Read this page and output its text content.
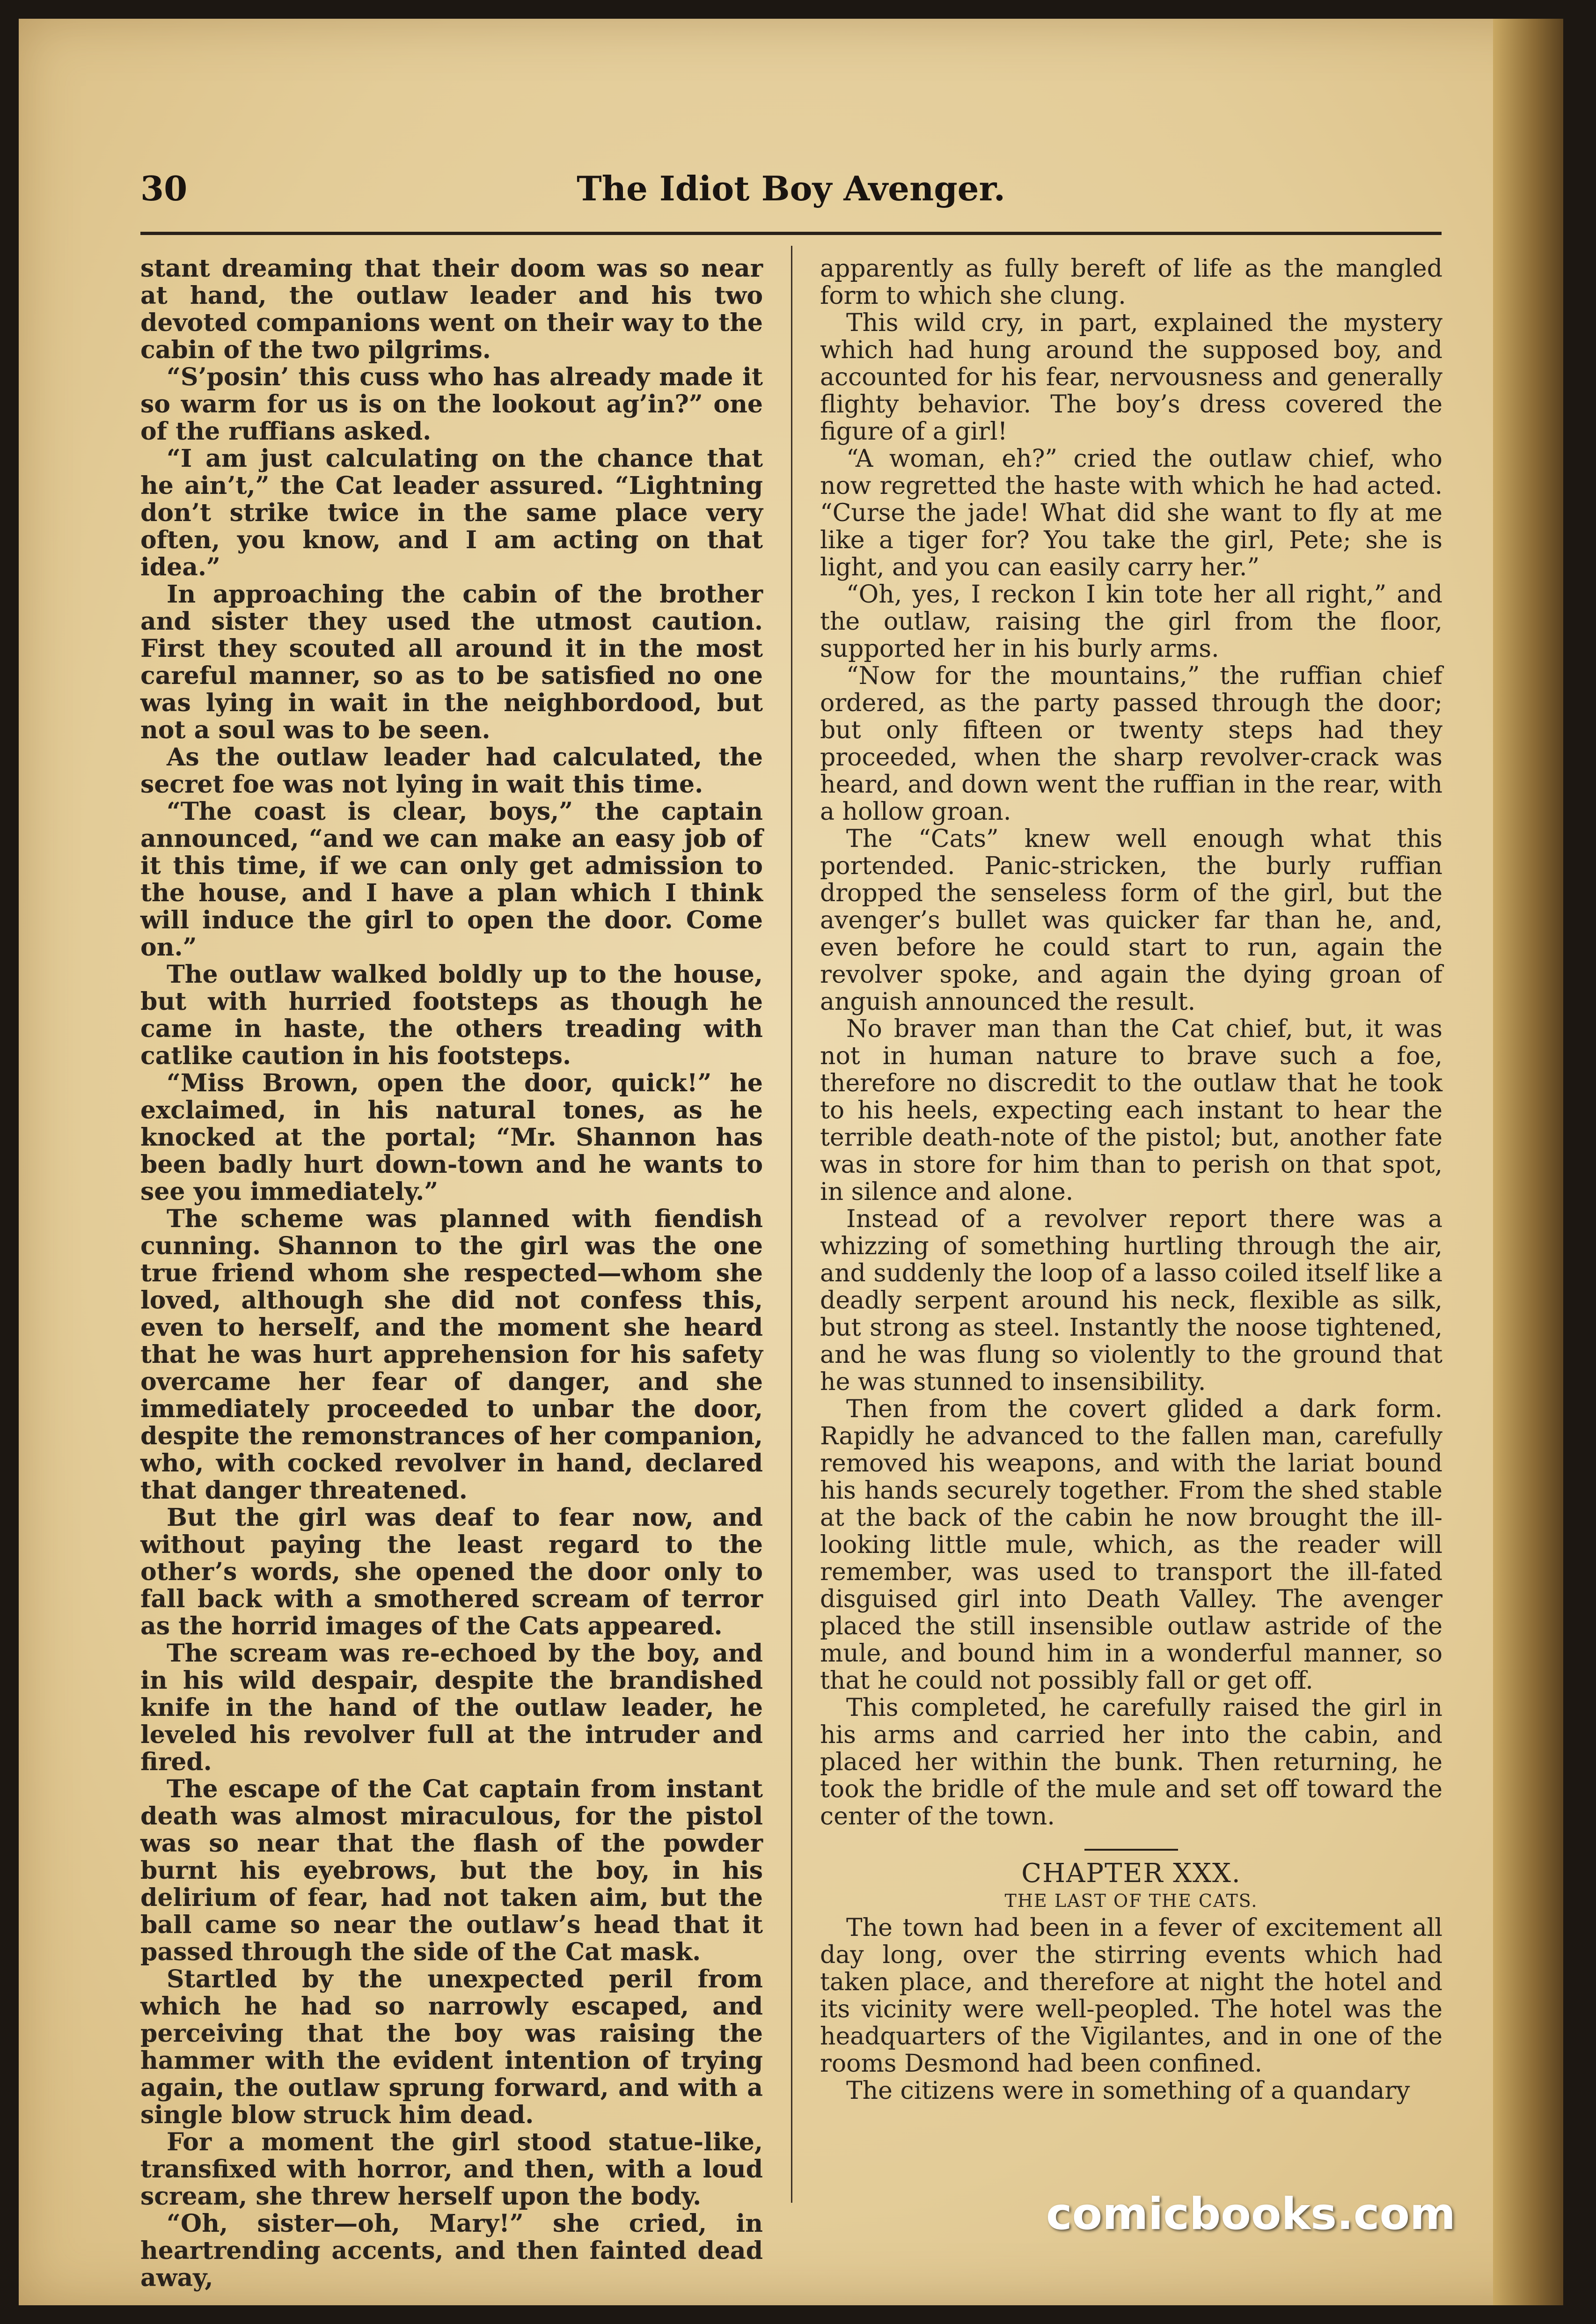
30	The Idiot Boy Avenger.

stant dreaming that their doom was so near at hand, the outlaw leader and his two devoted companions went on their way to the cabin of the two pilgrims.

“S’posin’ this cuss who has already made it so warm for us is on the lookout ag’in?” one of the ruffians asked.

“I am just calculating on the chance that he ain’t,” the Cat leader assured. “Lightning don’t strike twice in the same place very often, you know, and I am acting on that idea.”

In approaching the cabin of the brother and sister they used the utmost caution. First they scouted all around it in the most careful manner, so as to be satisfied no one was lying in wait in the neighbordood, but not a soul was to be seen.

As the outlaw leader had calculated, the secret foe was not lying in wait this time.

“The coast is clear, boys,” the captain announced, “and we can make an easy job of it this time, if we can only get admission to the house, and I have a plan which I think will induce the girl to open the door. Come on.”

The outlaw walked boldly up to the house, but with hurried footsteps as though he came in haste, the others treading with catlike caution in his footsteps.

“Miss Brown, open the door, quick!” he exclaimed, in his natural tones, as he knocked at the portal; “Mr. Shannon has been badly hurt down-town and he wants to see you immediately.”

The scheme was planned with fiendish cunning. Shannon to the girl was the one true friend whom she respected—whom she loved, although she did not confess this, even to herself, and the moment she heard that he was hurt apprehension for his safety overcame her fear of danger, and she immediately proceeded to unbar the door, despite the remonstrances of her companion, who, with cocked revolver in hand, declared that danger threatened.

But the girl was deaf to fear now, and without paying the least regard to the other’s words, she opened the door only to fall back with a smothered scream of terror as the horrid images of the Cats appeared.

The scream was re-echoed by the boy, and in his wild despair, despite the brandished knife in the hand of the outlaw leader, he leveled his revolver full at the intruder and fired.

The escape of the Cat captain from instant death was almost miraculous, for the pistol was so near that the flash of the powder burnt his eyebrows, but the boy, in his delirium of fear, had not taken aim, but the ball came so near the outlaw’s head that it passed through the side of the Cat mask.

Startled by the unexpected peril from which he had so narrowly escaped, and perceiving that the boy was raising the hammer with the evident intention of trying again, the outlaw sprung forward, and with a single blow struck him dead.

For a moment the girl stood statue-like, transfixed with horror, and then, with a loud scream, she threw herself upon the body.

“Oh, sister—oh, Mary!” she cried, in heartrending accents, and then fainted dead away,

apparently as fully bereft of life as the mangled form to which she clung.

This wild cry, in part, explained the mystery which had hung around the supposed boy, and accounted for his fear, nervousness and generally flighty behavior. The boy’s dress covered the figure of a girl!

“A woman, eh?” cried the outlaw chief, who now regretted the haste with which he had acted. “Curse the jade! What did she want to fly at me like a tiger for? You take the girl, Pete; she is light, and you can easily carry her.”

“Oh, yes, I reckon I kin tote her all right,” and the outlaw, raising the girl from the floor, supported her in his burly arms.

“Now for the mountains,” the ruffian chief ordered, as the party passed through the door; but only fifteen or twenty steps had they proceeded, when the sharp revolver-crack was heard, and down went the ruffian in the rear, with a hollow groan.

The “Cats” knew well enough what this portended. Panic-stricken, the burly ruffian dropped the senseless form of the girl, but the avenger’s bullet was quicker far than he, and, even before he could start to run, again the revolver spoke, and again the dying groan of anguish announced the result.

No braver man than the Cat chief, but, it was not in human nature to brave such a foe, therefore no discredit to the outlaw that he took to his heels, expecting each instant to hear the terrible death-note of the pistol; but, another fate was in store for him than to perish on that spot, in silence and alone.

Instead of a revolver report there was a whizzing of something hurtling through the air, and suddenly the loop of a lasso coiled itself like a deadly serpent around his neck, flexible as silk, but strong as steel. Instantly the noose tightened, and he was flung so violently to the ground that he was stunned to insensibility.

Then from the covert glided a dark form. Rapidly he advanced to the fallen man, carefully removed his weapons, and with the lariat bound his hands securely together. From the shed stable at the back of the cabin he now brought the ill-looking little mule, which, as the reader will remember, was used to transport the ill-fated disguised girl into Death Valley. The avenger placed the still insensible outlaw astride of the mule, and bound him in a wonderful manner, so that he could not possibly fall or get off.

This completed, he carefully raised the girl in his arms and carried her into the cabin, and placed her within the bunk. Then returning, he took the bridle of the mule and set off toward the center of the town.

CHAPTER XXX.

THE LAST OF THE CATS.

The town had been in a fever of excitement all day long, over the stirring events which had taken place, and therefore at night the hotel and its vicinity were well-peopled. The hotel was the headquarters of the Vigilantes, and in one of the rooms Desmond had been confined.

The citizens were in something of a quandary

comicbooks.com
